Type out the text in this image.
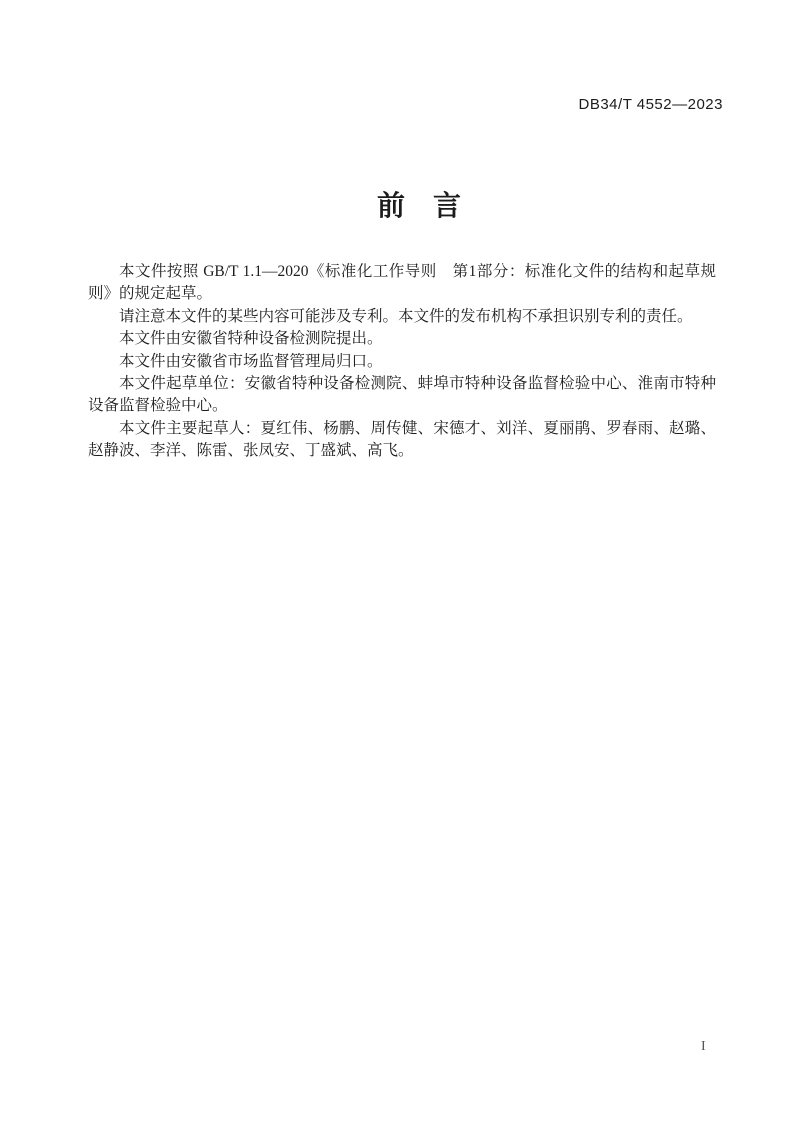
DB34/T 4552—2023
前　言

本文件按照 GB/T 1.1—2020《标准化工作导则　第1部分：标准化文件的结构和起草规则》的规定起草。

请注意本文件的某些内容可能涉及专利。本文件的发布机构不承担识别专利的责任。

本文件由安徽省特种设备检测院提出。

本文件由安徽省市场监督管理局归口。

本文件起草单位：安徽省特种设备检测院、蚌埠市特种设备监督检验中心、淮南市特种设备监督检验中心。

本文件主要起草人：夏红伟、杨鹏、周传健、宋德才、刘洋、夏丽鹃、罗春雨、赵璐、赵静波、李洋、陈雷、张凤安、丁盛斌、高飞。

I
